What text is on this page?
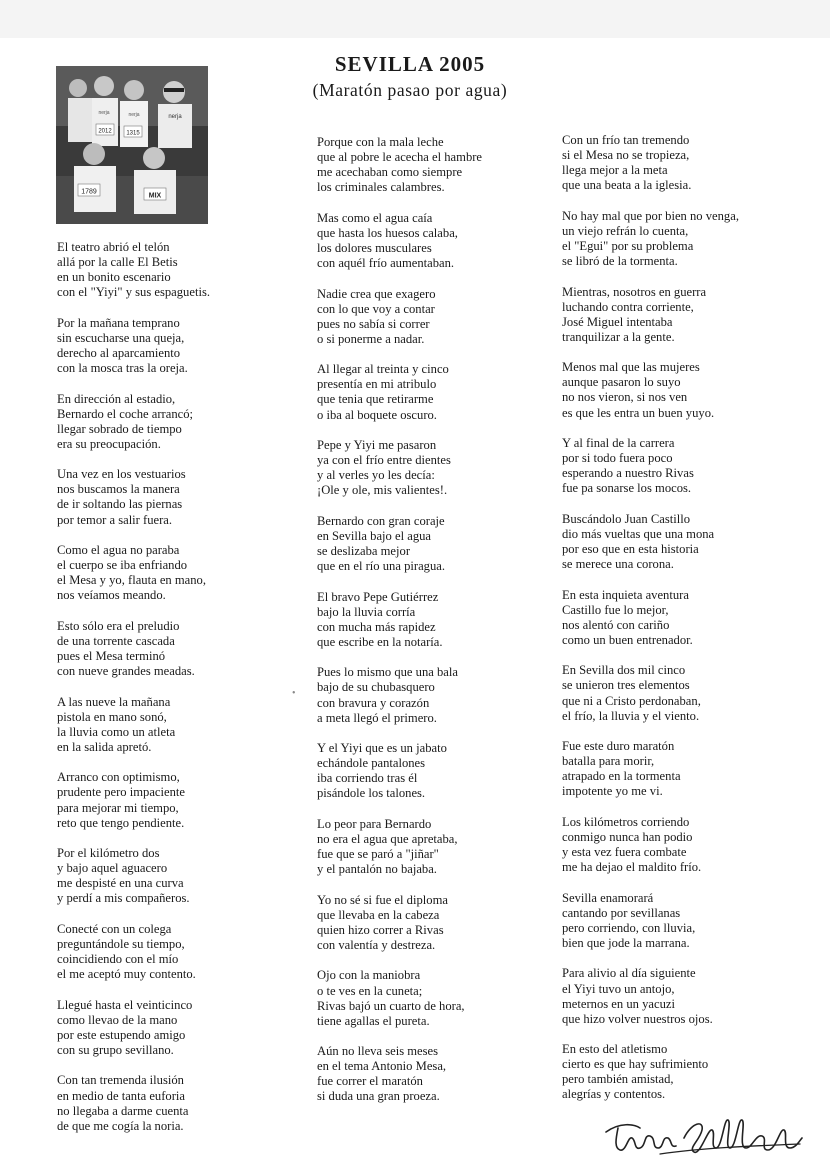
SEVILLA 2005
(Maratón pasao por agua)
2012 1315
1789
nerja	nerja	nerja
MIX
El teatro abrió el telón
allá por la calle El Betis
en un bonito escenario
con el "Yiyi" y sus espaguetis.
Por la mañana temprano
sin escucharse una queja,
derecho al aparcamiento
con la mosca tras la oreja.
En dirección al estadio,
Bernardo el coche arrancó;
llegar sobrado de tiempo
era su preocupación.
Una vez en los vestuarios
nos buscamos la manera
de ir soltando las piernas
por temor a salir fuera.
Como el agua no paraba
el cuerpo se iba enfriando
el Mesa y yo, flauta en mano,
nos veíamos meando.
Esto sólo era el preludio
de una torrente cascada
pues el Mesa terminó
con nueve grandes meadas.
A las nueve la mañana
pistola en mano sonó,
la lluvia como un atleta
en la salida apretó.
Arranco con optimismo,
prudente pero impaciente
para mejorar mi tiempo,
reto que tengo pendiente.
Por el kilómetro dos
y bajo aquel aguacero
me despisté en una curva
y perdí a mis compañeros.
Conecté con un colega
preguntándole su tiempo,
coincidiendo con el mío
el me aceptó muy contento.
Llegué hasta el veinticinco
como llevao de la mano
por este estupendo amigo
con su grupo sevillano.
Con tan tremenda ilusión
en medio de tanta euforia
no llegaba a darme cuenta
de que me cogía la noria.
Porque con la mala leche
que al pobre le acecha el hambre
me acechaban como siempre
los criminales calambres.
Mas como el agua caía
que hasta los huesos calaba,
los dolores musculares
con aquél frío aumentaban.
Nadie crea que exagero
con lo que voy a contar
pues no sabía si correr
o si ponerme a nadar.
Al llegar al treinta y cinco
presentía en mi atribulo
que tenia que retirarme
o iba al boquete oscuro.
Pepe y Yiyi me pasaron
ya con el frío entre dientes
y al verles yo les decía:
¡Ole y ole, mis valientes!.
Bernardo con gran coraje
en Sevilla bajo el agua
se deslizaba mejor
que en el río una piragua.
El bravo Pepe Gutiérrez
bajo la lluvia corría
con mucha más rapidez
que escribe en la notaría.
Pues lo mismo que una bala
bajo de su chubasquero
con bravura y corazón
a meta llegó el primero.
Y el Yiyi que es un jabato
echándole pantalones
iba corriendo tras él
pisándole los talones.
Lo peor para Bernardo
no era el agua que apretaba,
fue que se paró a "jiñar"
y el pantalón no bajaba.
Yo no sé si fue el diploma
que llevaba en la cabeza
quien hizo correr a Rivas
con valentía y destreza.
Ojo con la maniobra
o te ves en la cuneta;
Rivas bajó un cuarto de hora,
tiene agallas el pureta.
Aún no lleva seis meses
en el tema Antonio Mesa,
fue correr el maratón
si duda una gran proeza.
Con un frío tan tremendo
si el Mesa no se tropieza,
llega mejor a la meta
que una beata a la iglesia.
No hay mal que por bien no venga,
un viejo refrán lo cuenta,
el "Egui" por su problema
se libró de la tormenta.
Mientras, nosotros en guerra
luchando contra corriente,
José Miguel intentaba
tranquilizar a la gente.
Menos mal que las mujeres
aunque pasaron lo suyo
no nos vieron, si nos ven
es que les entra un buen yuyo.
Y al final de la carrera
por si todo fuera poco
esperando a nuestro Rivas
fue pa sonarse los mocos.
Buscándolo Juan Castillo
dio más vueltas que una mona
por eso que en esta historia
se merece una corona.
En esta inquieta aventura
Castillo fue lo mejor,
nos alentó con cariño
como un buen entrenador.
En Sevilla dos mil cinco
se unieron tres elementos
que ni a Cristo perdonaban,
el frío, la lluvia y el viento.
Fue este duro maratón
batalla para morir,
atrapado en la tormenta
impotente yo me vi.
Los kilómetros corriendo
conmigo nunca han podio
y esta vez fuera combate
me ha dejao el maldito frío.
Sevilla enamorará
cantando por sevillanas
pero corriendo, con lluvia,
bien que jode la marrana.
Para alivio al día siguiente
el Yiyi tuvo un antojo,
meternos en un yacuzi
que hizo volver nuestros ojos.
En esto del atletismo
cierto es que hay sufrimiento
pero también amistad,
alegrías y contentos.
•
